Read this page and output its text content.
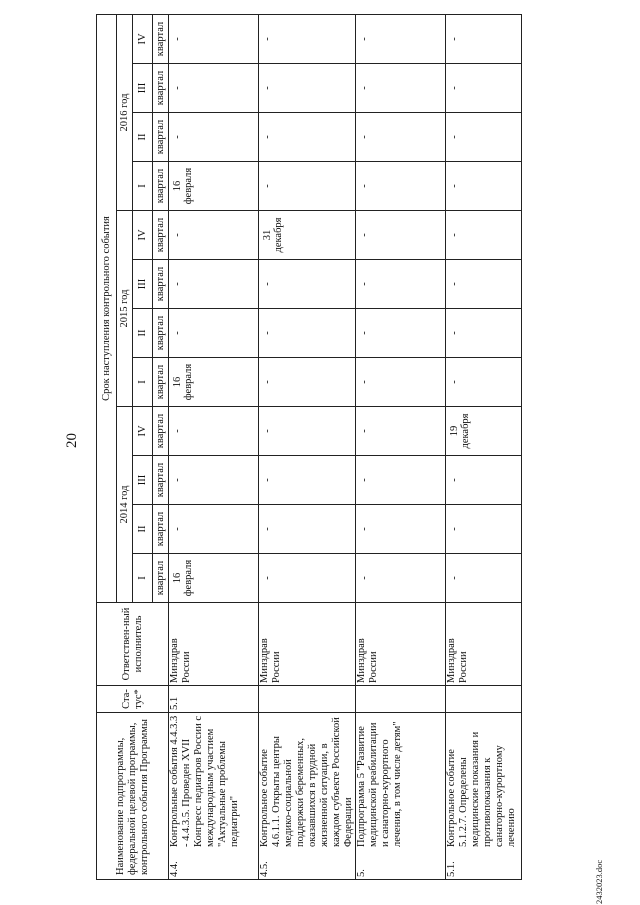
20
Наименование подпрограммы, федеральной целевой программы, контрольного события Программы	Ста-тус*	Ответствен-ный исполнитель	Срок наступления контрольного события											
			2014 год				2015 год				2016 год			
			I	II	III	IV	I	II	III	IV	I	II	III	IV
			квартал	квартал	квартал	квартал	квартал	квартал	квартал	квартал	квартал	квартал	квартал	квартал

4.4.
Контрольные события 4.4.3.3 - 4.4.3.5. Проведен XVII Конгресс педиатров России с международным участием "Актуальные проблемы педиатрии"	5.1	Минздрав России	16 февраля	-	-	-	16 февраля	-	-	-	16 февраля	-	-	-

4.5.
Контрольное событие 4.6.1.1. Открыты центры медико-социальной поддержки беременных, оказавшихся в трудной жизненной ситуации, в каждом субъекте Российской Федерации		Минздрав России	-	-	-	-	-	-	-	31 декабря	-	-	-	-

5.
Подпрограмма 5 "Развитие медицинской реабилитации и санаторно-курортного лечения, в том числе детям"		Минздрав России	-	-	-	-	-	-	-	-	-	-	-	-

5.1.
Контрольное событие 5.1.2.7. Определены медицинские показания и противопоказания к санаторно-курортному лечению		Минздрав России	-	-	-	19 декабря	-	-	-	-	-	-	-	-
2432023.doc
